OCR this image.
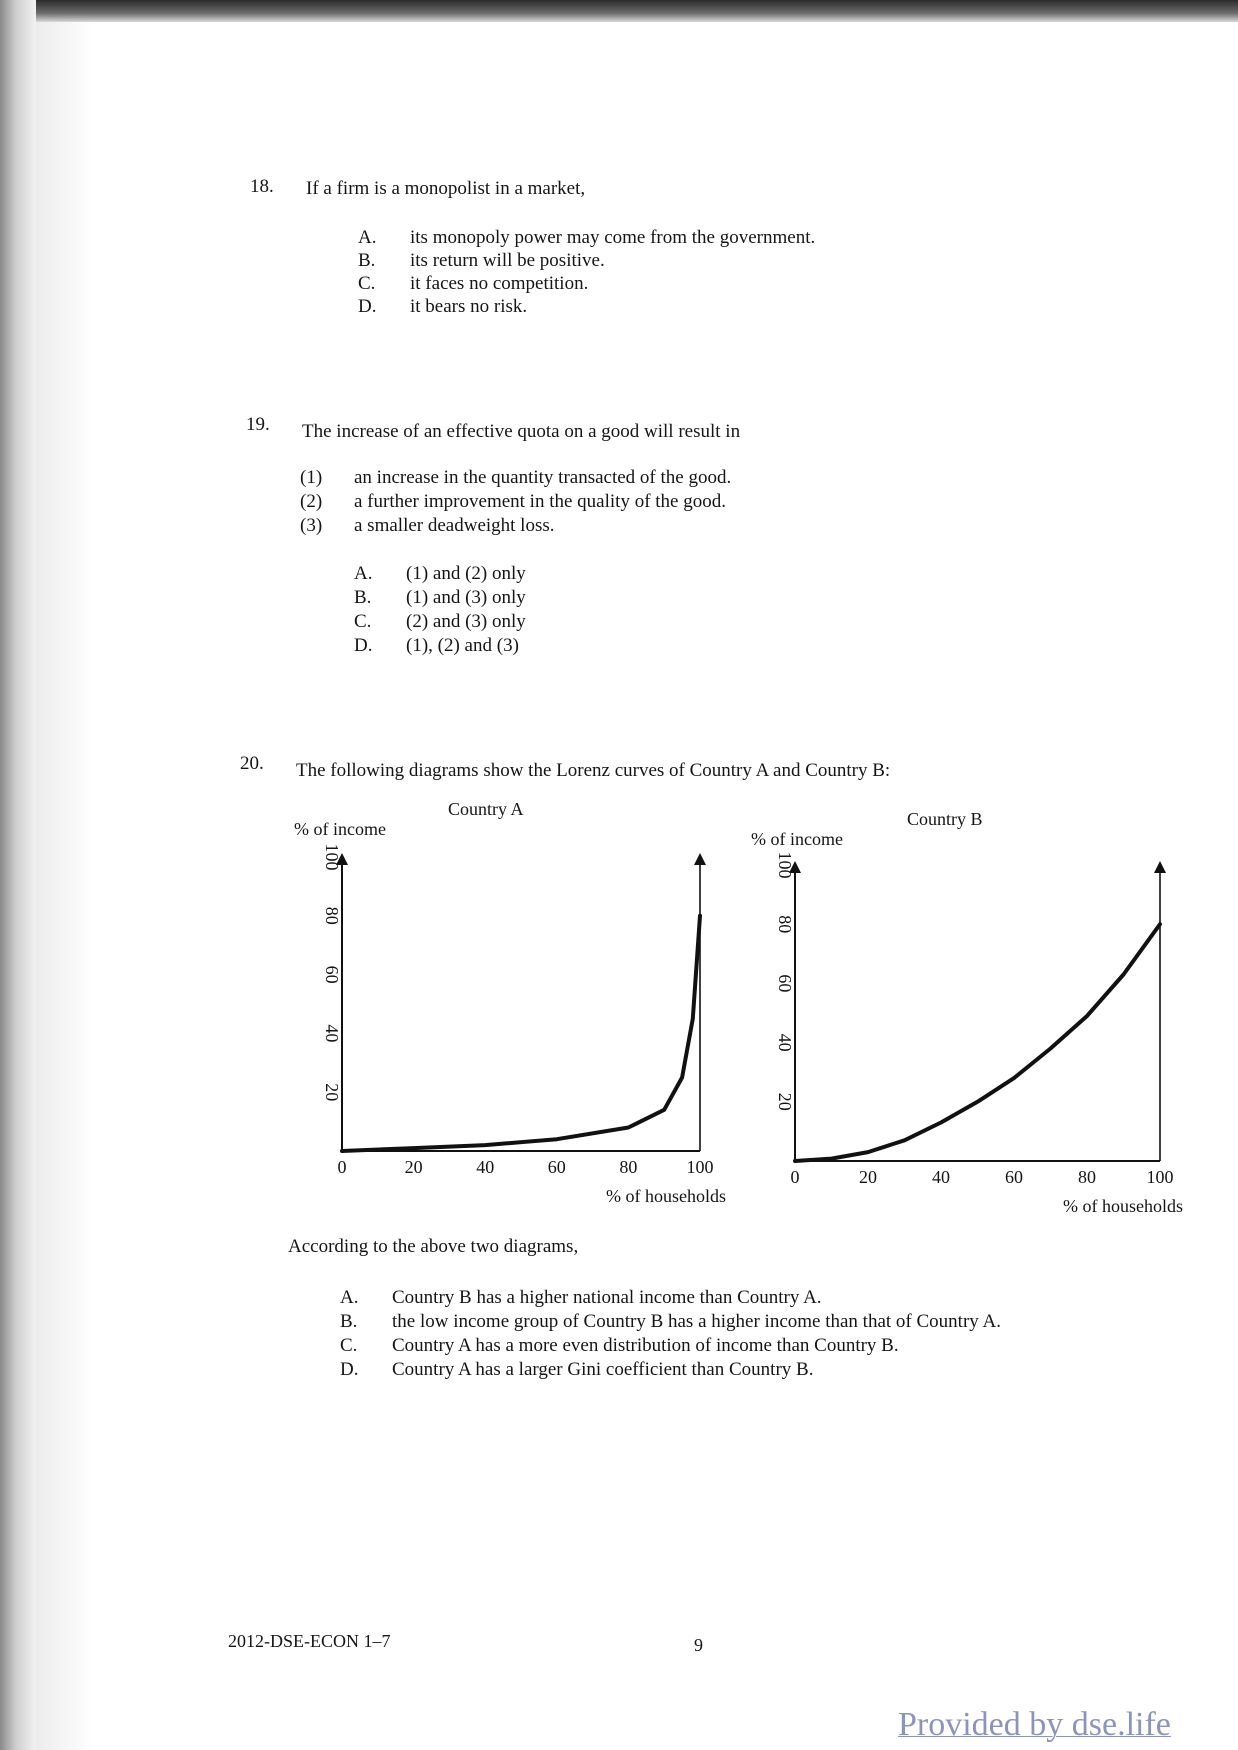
18. If a firm is a monopolist in a market,
A. its monopoly power may come from the government.
B. its return will be positive.
C. it faces no competition.
D. it bears no risk.
19. The increase of an effective quota on a good will result in
(1) an increase in the quantity transacted of the good.
(2) a further improvement in the quality of the good.
(3) a smaller deadweight loss.
A. (1) and (2) only
B. (1) and (3) only
C. (2) and (3) only
D. (1), (2) and (3)
20. The following diagrams show the Lorenz curves of Country A and Country B:
Country A
% of income
% of households
20
40
60
80
100
0	20	40	60	80	100
Country B
% of income
% of households
20
40
60
80
100
0	20	40	60	80	100
According to the above two diagrams,
A. Country B has a higher national income than Country A.
B. the low income group of Country B has a higher income than that of Country A.
C. Country A has a more even distribution of income than Country B.
D. Country A has a larger Gini coefficient than Country B.
2012-DSE-ECON 1–7	9
Provided by dse.life
